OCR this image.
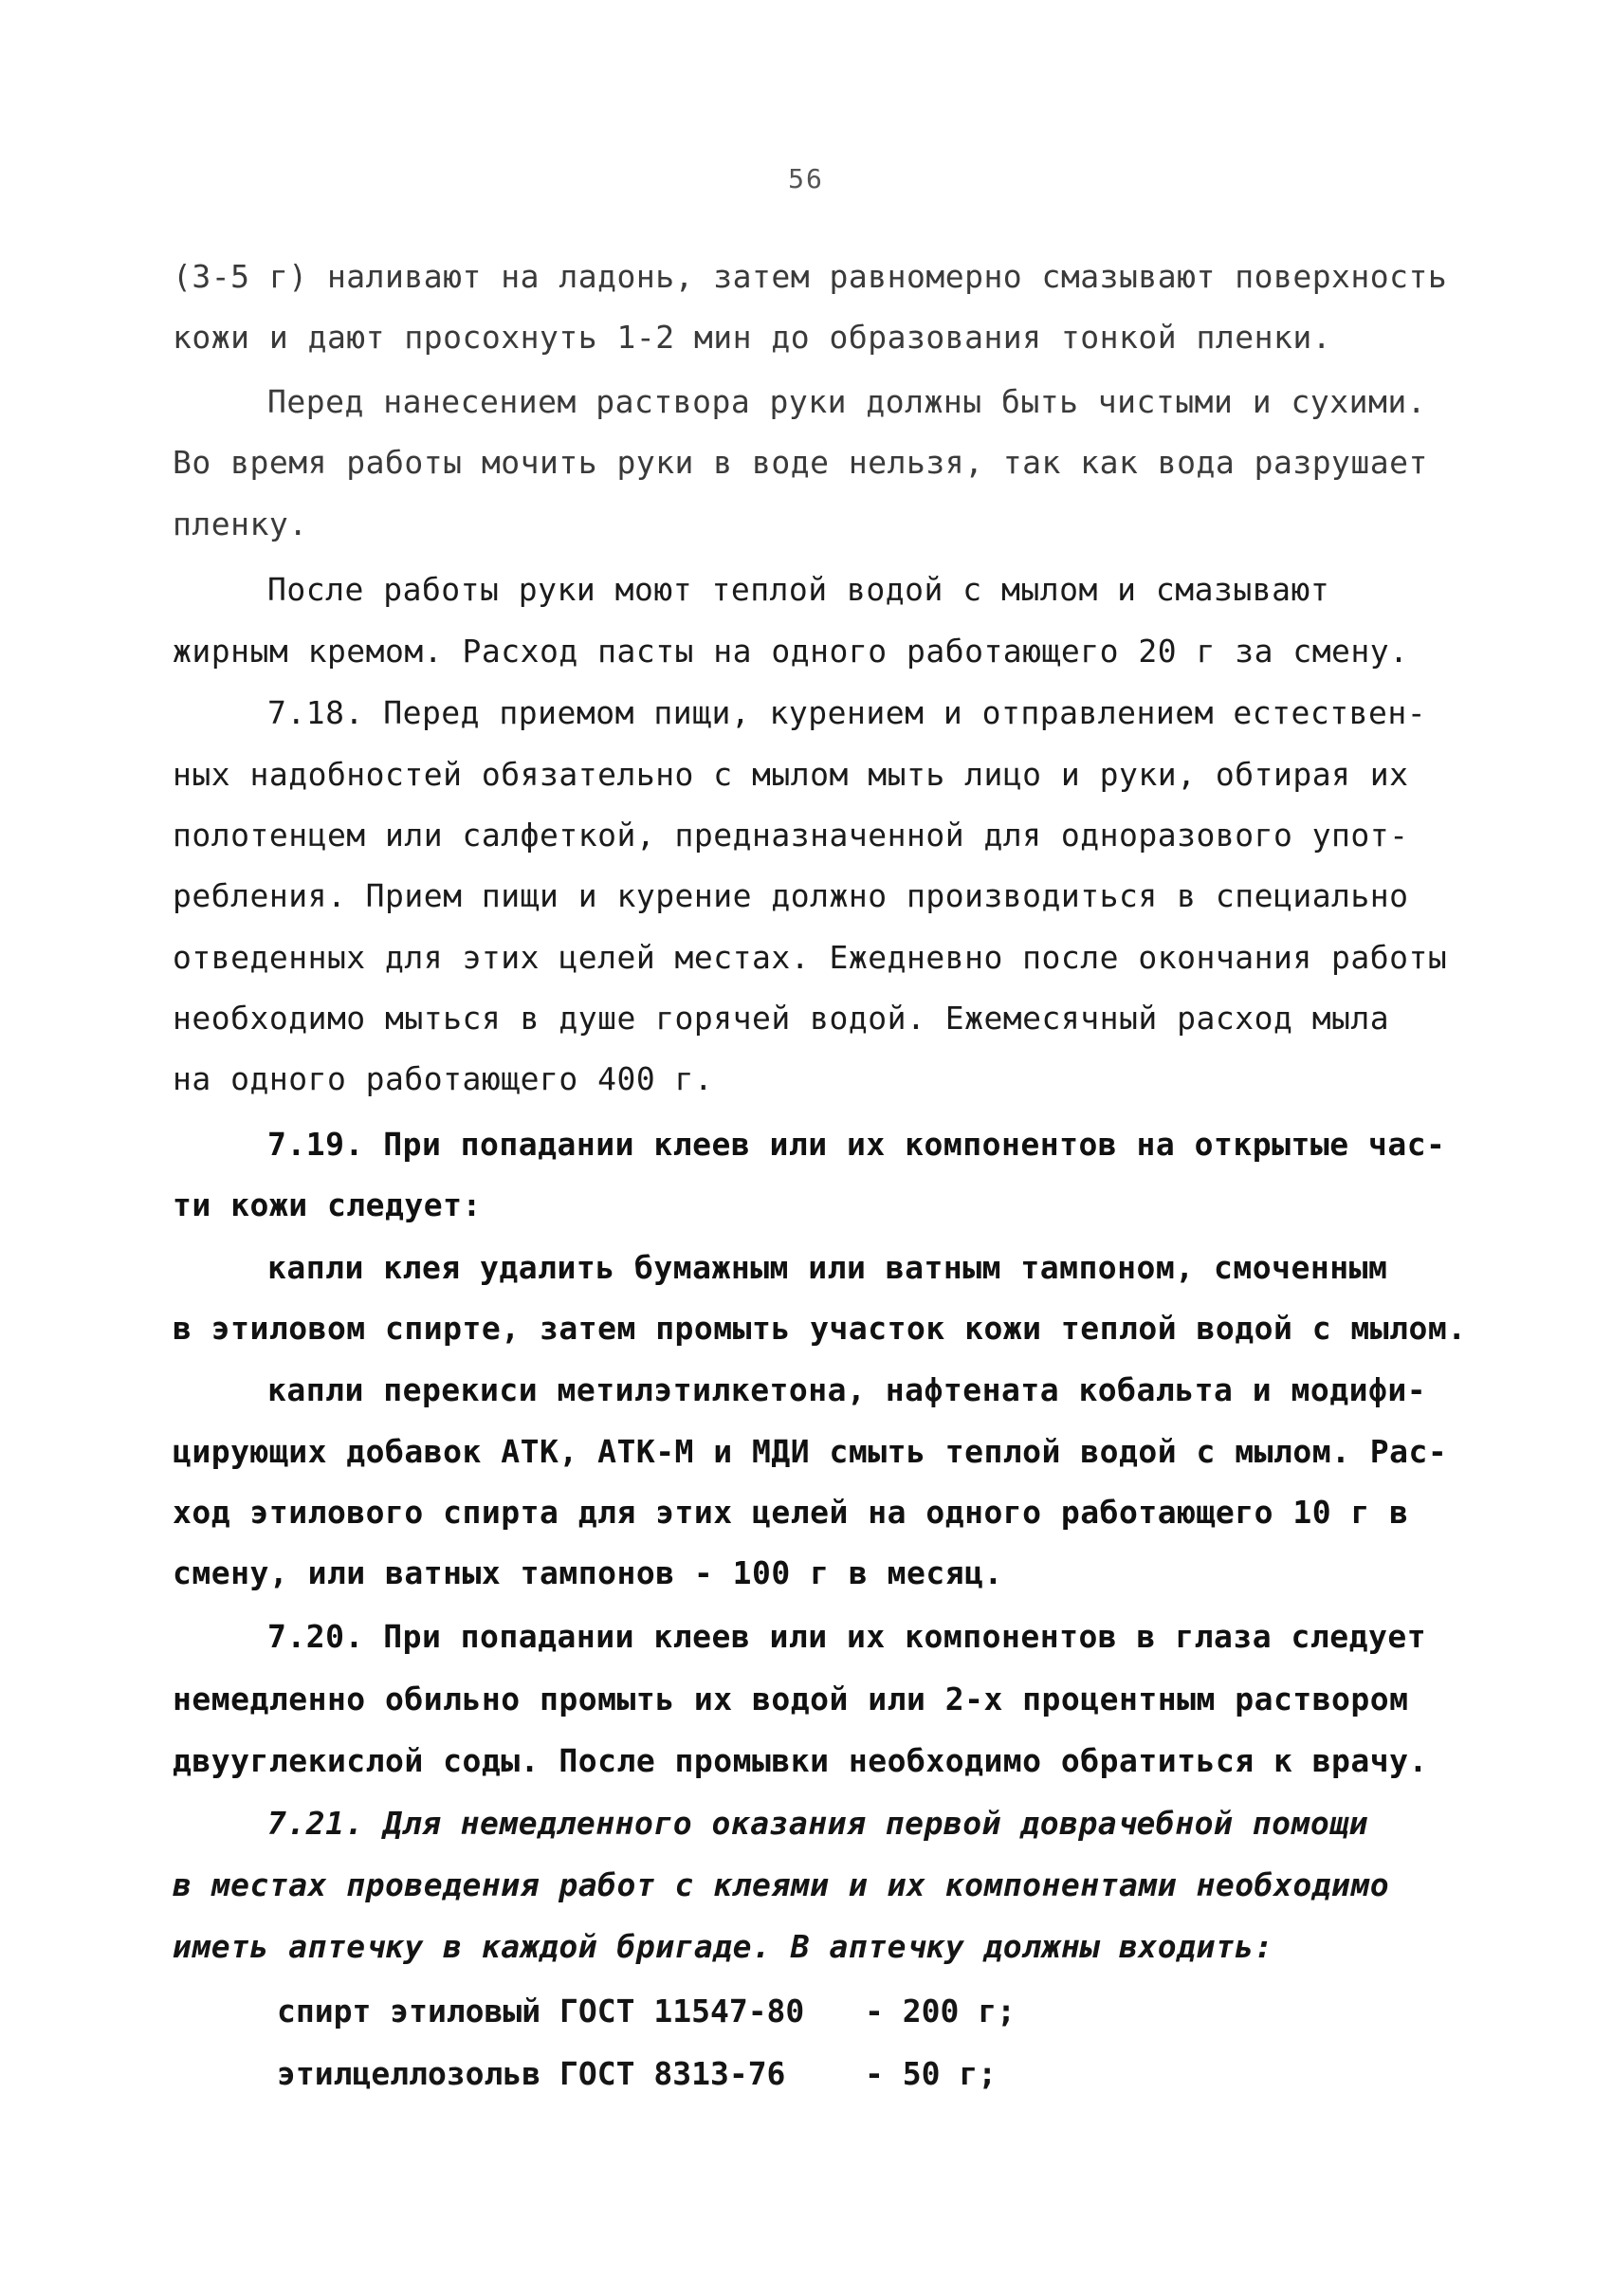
56
(3-5 г) наливают на ладонь, затем равномерно смазывают поверхность
кожи и дают просохнуть 1-2 мин до образования тонкой пленки.
Перед нанесением раствора руки должны быть чистыми и сухими.
Во время работы мочить руки в воде нельзя, так как вода разрушает
пленку.
После работы руки моют теплой водой с мылом и смазывают
жирным кремом. Расход пасты на одного работающего 20 г за смену.
7.18. Перед приемом пищи, курением и отправлением естествен-
ных надобностей обязательно с мылом мыть лицо и руки, обтирая их
полотенцем или салфеткой, предназначенной для одноразового упот-
ребления. Прием пищи и курение должно производиться в специально
отведенных для этих целей местах. Ежедневно после окончания работы
необходимо мыться в душе горячей водой. Ежемесячный расход мыла
на одного работающего 400 г.
7.19. При попадании клеев или их компонентов на открытые час-
ти кожи следует:
капли клея удалить бумажным или ватным тампоном, смоченным
в этиловом спирте, затем промыть участок кожи теплой водой с мылом.
капли перекиси метилэтилкетона, нафтената кобальта и модифи-
цирующих добавок АТК, АТК-М и МДИ смыть теплой водой с мылом. Рас-
ход этилового спирта для этих целей на одного работающего 10 г в
смену, или ватных тампонов - 100 г в месяц.
7.20. При попадании клеев или их компонентов в глаза следует
немедленно обильно промыть их водой или 2-х процентным раствором
двууглекислой соды. После промывки необходимо обратиться к врачу.
7.21. Для немедленного оказания первой доврачебной помощи
в местах проведения работ с клеями и их компонентами необходимо
иметь аптечку в каждой бригаде. В аптечку должны входить:
спирт этиловый ГОСТ 11547-80 - 200 г;
этилцеллозольв ГОСТ 8313-76	- 50 г;
